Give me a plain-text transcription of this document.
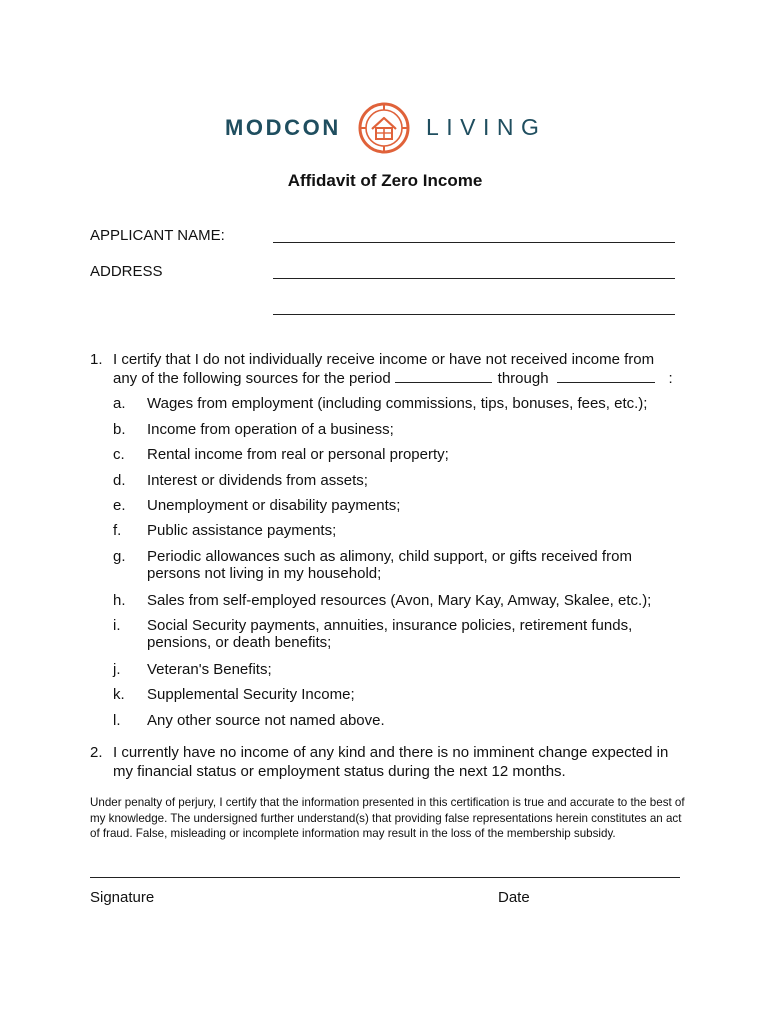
MODCON	LIVING
Affidavit of Zero Income
APPLICANT NAME:
ADDRESS
1. I certify that I do not individually receive income or have not received income from any of the following sources for the period	through	:
a. Wages from employment (including commissions, tips, bonuses, fees, etc.);
b. Income from operation of a business;
c. Rental income from real or personal property;
d. Interest or dividends from assets;
e. Unemployment or disability payments;
f. Public assistance payments;
g. Periodic allowances such as alimony, child support, or gifts received from persons not living in my household;
h. Sales from self-employed resources (Avon, Mary Kay, Amway, Skalee, etc.);
i. Social Security payments, annuities, insurance policies, retirement funds, pensions, or death benefits;
j. Veteran's Benefits;
k. Supplemental Security Income;
l. Any other source not named above.
2. I currently have no income of any kind and there is no imminent change expected in my financial status or employment status during the next 12 months.
Under penalty of perjury, I certify that the information presented in this certification is true and accurate to the best of my knowledge. The undersigned further understand(s) that providing false representations herein constitutes an act of fraud. False, misleading or incomplete information may result in the loss of the membership subsidy.
Signature	Date
